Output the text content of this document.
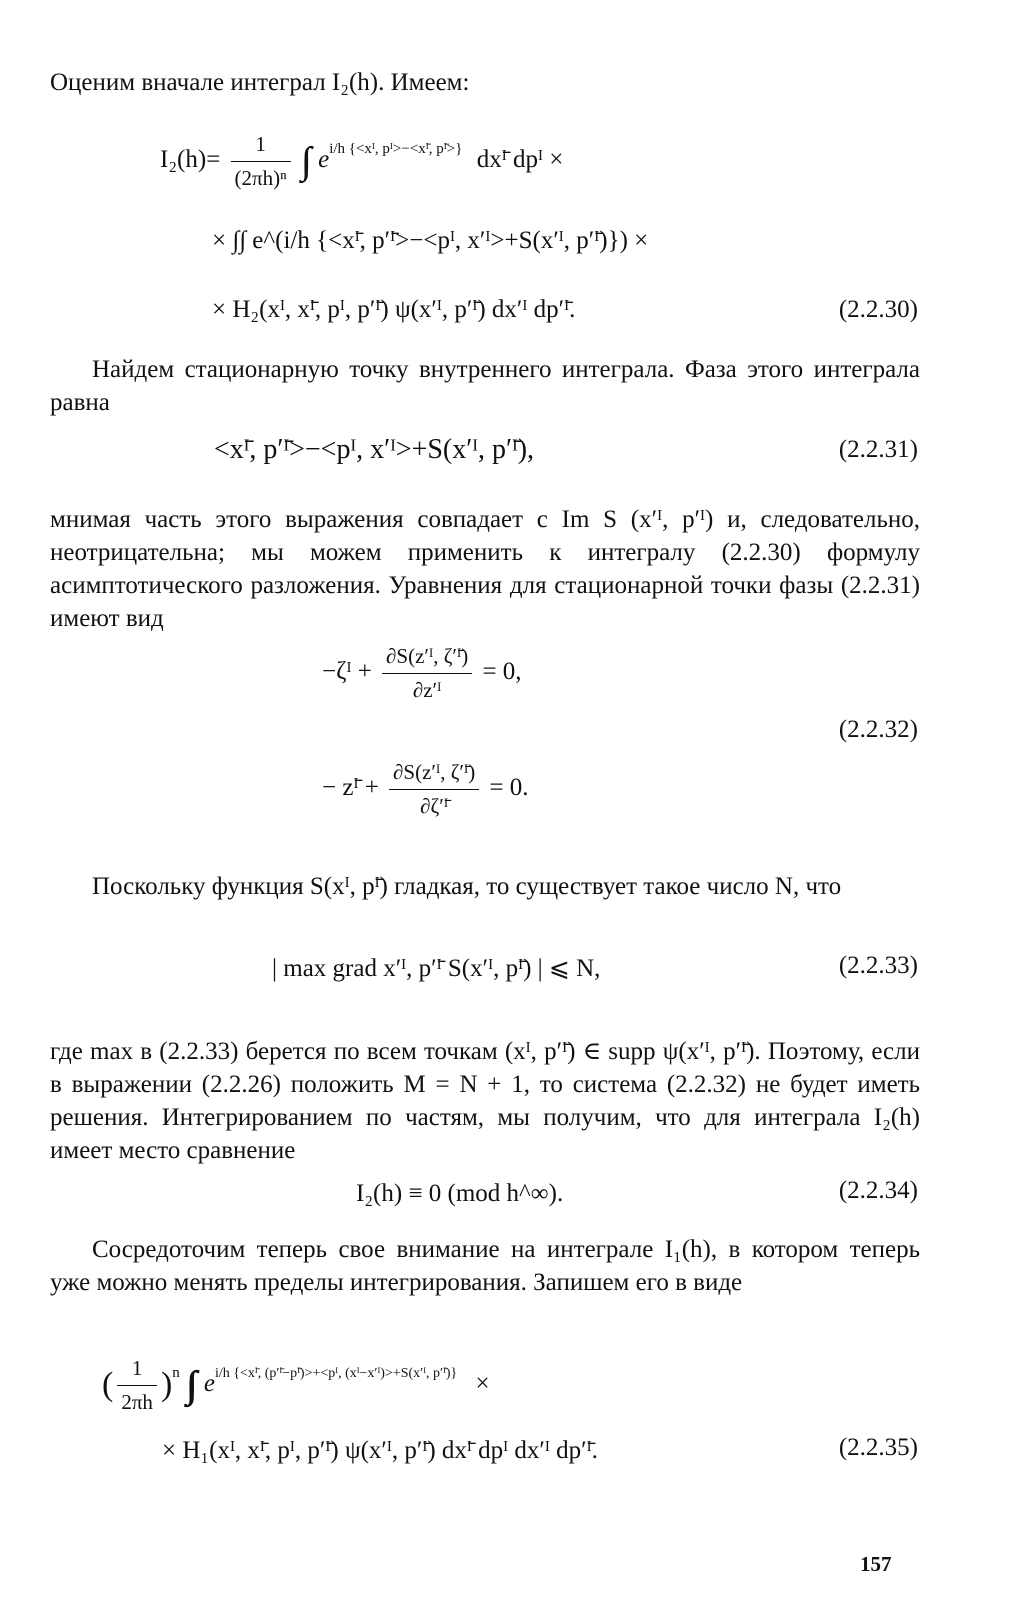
Оценим вначале интеграл I₂(h). Имеем:
$I_2(h)= \frac{1}{\text{(2πh)ⁿ}}$ ∫∫ $e^{i/h \{<xᴵ, pᴵ>-<xᴵ̄, pᴵ̄>\}}$ dxᴵ̄ dpᴵ ×
× ∫∫ e^(i/h {<xᴵ̄, p′ᴵ̄>−<pᴵ, x′ᴵ>+S(x′ᴵ, p′ᴵ̄)}) ×
× H₂(xᴵ, xᴵ̄, pᴵ, p′ᴵ̄) ψ(x′ᴵ, p′ᴵ̄) dx′ᴵ dp′ᴵ̄.	(2.2.30)
Найдем стационарную точку внутреннего интеграла. Фаза этого интеграла равна
<xᴵ̄, p′ᴵ̄>−<pᴵ, x′ᴵ>+S(x′ᴵ, p′ᴵ̄),	(2.2.31)
мнимая часть этого выражения совпадает с Im S (x′ᴵ, p′ᴵ) и, следовательно, неотрицательна; мы можем применить к интегралу (2.2.30) формулу асимптотического разложения. Уравнения для стационарной точки фазы (2.2.31) имеют вид
−ζᴵ + $\frac{\text{∂S(z′ᴵ, ζ′ᴵ̄)}}{\text{∂z′ᴵ}} = 0$,
− zᴵ̄ + $\frac{\text{∂S(z′ᴵ, ζ′ᴵ̄)}}{\text{∂ζ′ᴵ̄}} = 0$.
(2.2.32)
Поскольку функция S(xᴵ, pᴵ̄) гладкая, то существует такое число N, что
| max grad x′ᴵ, p′ᴵ̄ S(x′ᴵ, pᴵ̄) | ⩽ N,	(2.2.33)
где max в (2.2.33) берется по всем точкам (xᴵ, p′ᴵ̄) ∈ supp ψ(x′ᴵ, p′ᴵ̄). Поэтому, если в выражении (2.2.26) положить M = N + 1, то система (2.2.32) не будет иметь решения. Интегрированием по частям, мы получим, что для интеграла I₂(h) имеет место сравнение
I₂(h) ≡ 0 (mod h^∞).	(2.2.34)
Сосредоточим теперь свое внимание на интеграле I₁(h), в котором теперь уже можно менять пределы интегрирования. Запишем его в виде
( $\frac{1}{2\pi h} )^n$ ∫∫∫∫ $e^{i/h \{<xᴵ̄, (p'ᴵ̄-pᴵ̄)>+<pᴵ, (xᴵ-x'ᴵ)>+S(x'ᴵ, p'ᴵ̄)\}}$ ×
× H₁(xᴵ, xᴵ̄, pᴵ, p′ᴵ̄) ψ(x′ᴵ, p′ᴵ̄) dxᴵ̄ dpᴵ dx′ᴵ dp′ᴵ̄.	(2.2.35)
157
